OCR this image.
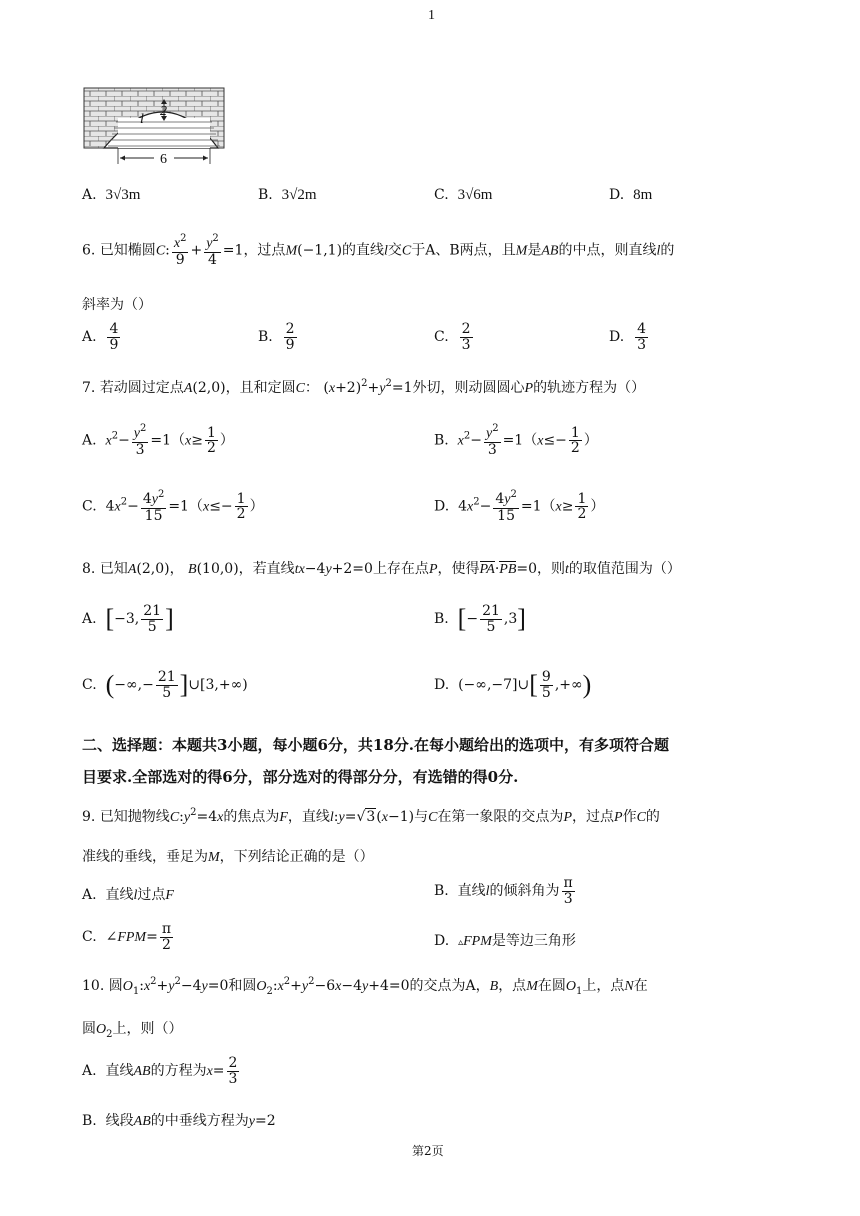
1
2
l
6
A. 3√3m	B. 3√2m	C. 3√6m	D. 8m
6. 已知椭圆C: $\frac{x^2}{9} + \frac{y^2}{4} =1$，过点M(−1,1)的直线l交C于A、B两点，且M是AB的中点，则直线l的
斜率为（）
A. $\frac{4}{9}$	B. $\frac{2}{9}$	C. $\frac{2}{3}$	D. $\frac{4}{3}$
7. 若动圆过定点A(2,0)，且和定圆C： $(x+2)^2+y^2=1$外切，则动圆圆心P的轨迹方程为（）
A. $x^2- \frac{y^2}{3} =1(x\ge \frac{1}{2}$ ）	B. $x^2- \frac{y^2}{3} =1(x\le- \frac{1}{2}$ ）
C.  $4x^2- \frac{4y^2}{15} =1(x\le- \frac{1}{2}$ ）	D.  $4x^2- \frac{4y^2}{15} =1(x\ge \frac{1}{2}$ ）
8. 已知A(2,0)， B(10,0)，若直线tx−4y+2=0上存在点P，使得PA·PB=0，则t的取值范围为（）
A. [−3, $\frac{21}{5}$ ]	B. [− $\frac{21}{5} ,3$]
C. (−∞,− $\frac{21}{5}$ ]∪[3,+∞)	D.  (−∞,−7]∪[ $\frac{9}{5}$ ,+∞)
二、选择题：本题共3小题，每小题6分，共18分.在每小题给出的选项中，有多项符合题
目要求.全部选对的得6分，部分选对的得部分分，有选错的得0分.
9. 已知抛物线$C:y^2=4x$的焦点为F，直线l:y=√3(x−1)与C在第一象限的交点为P，过点P作C的
准线的垂线，垂足为M，下列结论正确的是（）
A. 直线l过点F	B. 直线l的倾斜角为 $\frac{\pi}{3}$
C.  ∠FPM= $\frac{\pi}{2}$	D. ▵FPM是等边三角形
10. 圆$O_1:x^2+y^2-4y=0$和圆$O_2:x^2+y^2-6x-4y+4=0$的交点为A，B，点M在圆$O_1$上，点N在
圆$O_2$上，则（）
A. 直线AB的方程为$x= \frac{2}{3}$
B. 线段AB的中垂线方程为y=2
第2页
